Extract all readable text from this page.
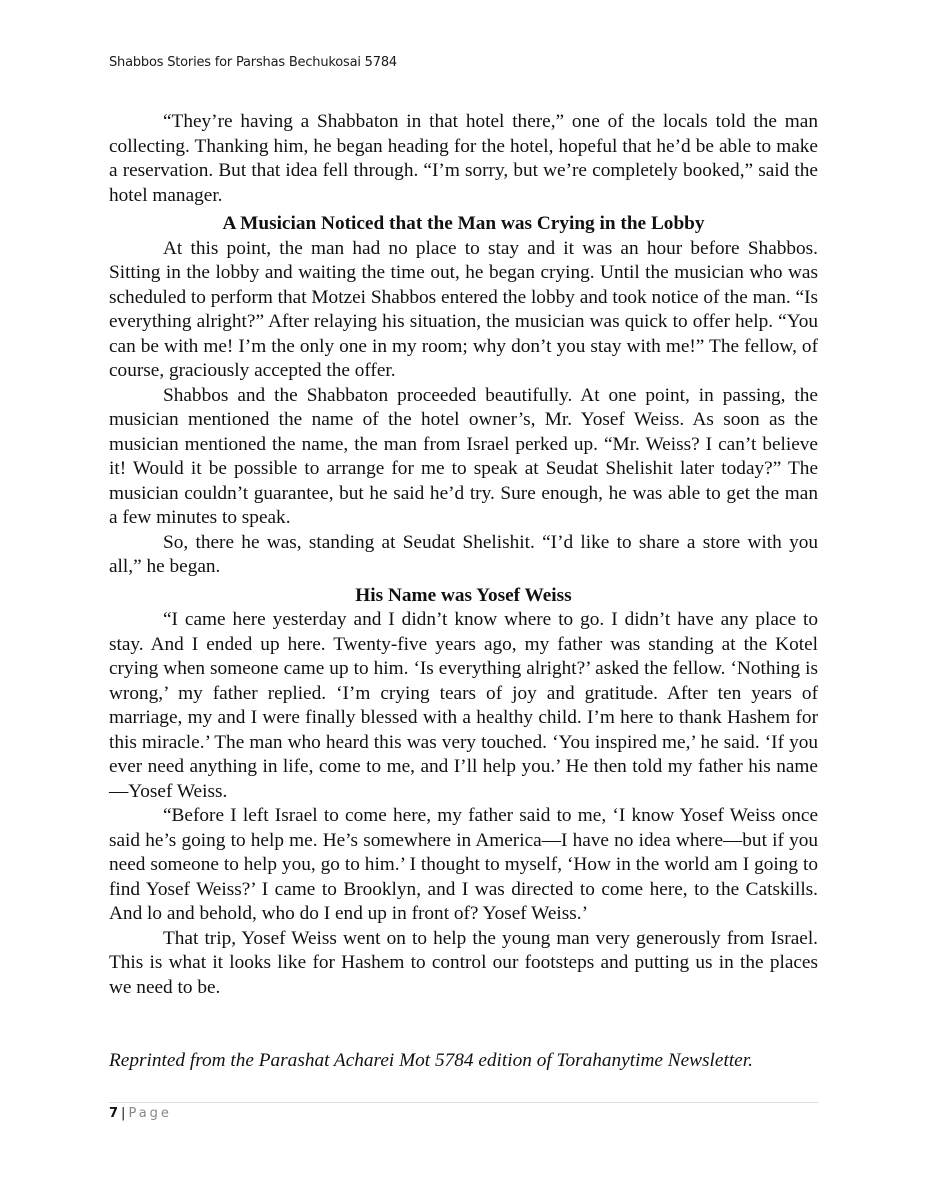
Shabbos Stories for Parshas Bechukosai 5784

“They’re having a Shabbaton in that hotel there,” one of the locals told the man collecting. Thanking him, he began heading for the hotel, hopeful that he’d be able to make a reservation. But that idea fell through. “I’m sorry, but we’re completely booked,” said the hotel manager.

A Musician Noticed that the Man was Crying in the Lobby

At this point, the man had no place to stay and it was an hour before Shabbos. Sitting in the lobby and waiting the time out, he began crying. Until the musician who was scheduled to perform that Motzei Shabbos entered the lobby and took notice of the man. “Is everything alright?” After relaying his situation, the musician was quick to offer help. “You can be with me! I’m the only one in my room; why don’t you stay with me!” The fellow, of course, graciously accepted the offer.

Shabbos and the Shabbaton proceeded beautifully. At one point, in passing, the musician mentioned the name of the hotel owner’s, Mr. Yosef Weiss. As soon as the musician mentioned the name, the man from Israel perked up. “Mr. Weiss? I can’t believe it! Would it be possible to arrange for me to speak at Seudat Shelishit later today?” The musician couldn’t guarantee, but he said he’d try. Sure enough, he was able to get the man a few minutes to speak.

So, there he was, standing at Seudat Shelishit. “I’d like to share a store with you all,” he began.

His Name was Yosef Weiss

“I came here yesterday and I didn’t know where to go. I didn’t have any place to stay. And I ended up here. Twenty-five years ago, my father was standing at the Kotel crying when someone came up to him. ‘Is everything alright?’ asked the fellow. ‘Nothing is wrong,’ my father replied. ‘I’m crying tears of joy and gratitude. After ten years of marriage, my and I were finally blessed with a healthy child. I’m here to thank Hashem for this miracle.’ The man who heard this was very touched. ‘You inspired me,’ he said. ‘If you ever need anything in life, come to me, and I’ll help you.’ He then told my father his name—Yosef Weiss.

“Before I left Israel to come here, my father said to me, ‘I know Yosef Weiss once said he’s going to help me. He’s somewhere in America—I have no idea where—but if you need someone to help you, go to him.’ I thought to myself, ‘How in the world am I going to find Yosef Weiss?’ I came to Brooklyn, and I was directed to come here, to the Catskills. And lo and behold, who do I end up in front of? Yosef Weiss.’

That trip, Yosef Weiss went on to help the young man very generously from Israel. This is what it looks like for Hashem to control our footsteps and putting us in the places we need to be.

Reprinted from the Parashat Acharei Mot 5784 edition of Torahanytime Newsletter.
7 | Page
